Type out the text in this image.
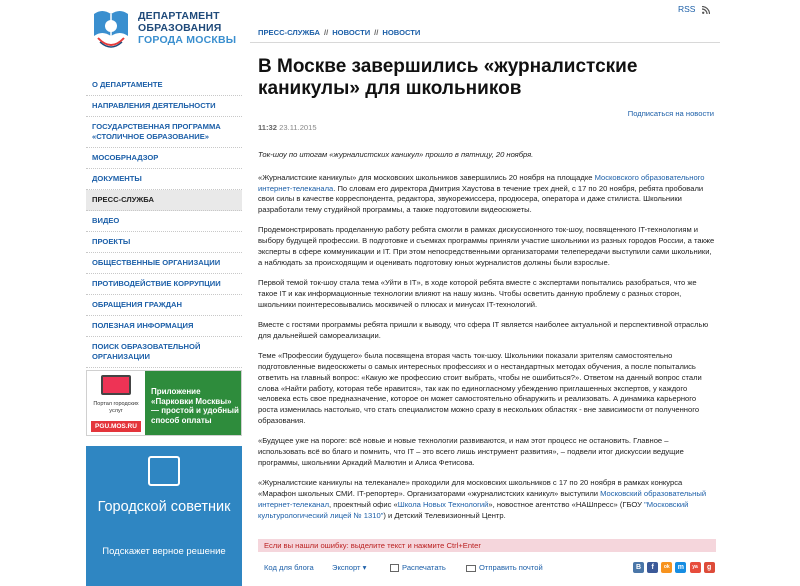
ДЕПАРТАМЕНТ
ОБРАЗОВАНИЯ
ГОРОДА МОСКВЫ
О ДЕПАРТАМЕНТЕ
НАПРАВЛЕНИЯ ДЕЯТЕЛЬНОСТИ
ГОСУДАРСТВЕННАЯ ПРОГРАММА «СТОЛИЧНОЕ ОБРАЗОВАНИЕ»
МОСОБРНАДЗОР
ДОКУМЕНТЫ
ПРЕСС-СЛУЖБА
ВИДЕО
ПРОЕКТЫ
ОБЩЕСТВЕННЫЕ ОРГАНИЗАЦИИ
ПРОТИВОДЕЙСТВИЕ КОРРУПЦИИ
ОБРАЩЕНИЯ ГРАЖДАН
ПОЛЕЗНАЯ ИНФОРМАЦИЯ
ПОИСК ОБРАЗОВАТЕЛЬНОЙ ОРГАНИЗАЦИИ
Портал городских услуг
PGU.MOS.RU
Приложение «Парковки Москвы» — простой и удобный способ оплаты
Городской советник
Подскажет верное решение
RSS
ПРЕСС-СЛУЖБА // НОВОСТИ // НОВОСТИ
В Москве завершились «журналистские каникулы» для школьников
Подписаться на новости
11:32 23.11.2015

Ток-шоу по итогам «журналистских каникул» прошло в пятницу, 20 ноября.

«Журналистские каникулы» для московских школьников завершились 20 ноября на площадке Московского образовательного интернет-телеканала. По словам его директора Дмитрия Хаустова в течение трех дней, с 17 по 20 ноября, ребята пробовали свои силы в качестве корреспондента, редактора, звукорежиссера, продюсера, оператора и даже стилиста. Школьники разработали тему студийной программы, а также подготовили видеосюжеты.

Продемонстрировать проделанную работу ребята смогли в рамках дискуссионного ток-шоу, посвященного IT-технологиям и выбору будущей профессии. В подготовке и съемках программы приняли участие школьники из разных городов России, а также эксперты в сфере коммуникации и IT. При этом непосредственными организаторами телепередачи выступили сами школьники, а наблюдать за происходящим и оценивать подготовку юных журналистов должны были взрослые.

Первой темой ток-шоу стала тема «Уйти в IT», в ходе которой ребята вместе с экспертами попытались разобраться, что же такое IT и как информационные технологии влияют на нашу жизнь. Чтобы осветить данную проблему с разных сторон, школьники поинтересовывались москвичей о плюсах и минусах IT-технологий.

Вместе с гостями программы ребята пришли к выводу, что сфера IT является наиболее актуальной и перспективной отраслью для дальнейшей самореализации.

Теме «Профессии будущего» была посвящена вторая часть ток-шоу. Школьники показали зрителям самостоятельно подготовленные видеосюжеты о самых интересных профессиях и о нестандартных методах обучения, а после попытались ответить на главный вопрос: «Какую же профессию стоит выбрать, чтобы не ошибиться?». Ответом на данный вопрос стали слова «Найти работу, которая тебе нравится», так как по единогласному убеждению приглашенных экспертов, у каждого человека есть свое предназначение, которое он может самостоятельно обнаружить и реализовать. А динамика карьерного роста изменилась настолько, что стать специалистом можно сразу в нескольких областях - вне зависимости от полученного образования.

«Будущее уже на пороге: всё новые и новые технологии развиваются, и нам этот процесс не остановить. Главное – использовать всё во благо и помнить, что IT – это всего лишь инструмент развития», – подвели итог дискуссии ведущие программы, школьники Аркадий Малютин и Алиса Фетисова.

«Журналистские каникулы на телеканале» проходили для московских школьников с 17 по 20 ноября в рамках конкурса «Марафон школьных СМИ. IT-репортер». Организаторами «журналистских каникул» выступили Московский образовательный интернет-телеканал, проектный офис «Школа Новых Технологий», новостное агентство «НАШпресс» (ГБОУ "Московский культурологический лицей № 1310") и Детский Телевизионный Центр.

Если вы нашли ошибку: выделите текст и нажмите Ctrl+Enter
Код для блога Экспорт ▾	Распечатать	Отправить почтой	B f ok m ya g
